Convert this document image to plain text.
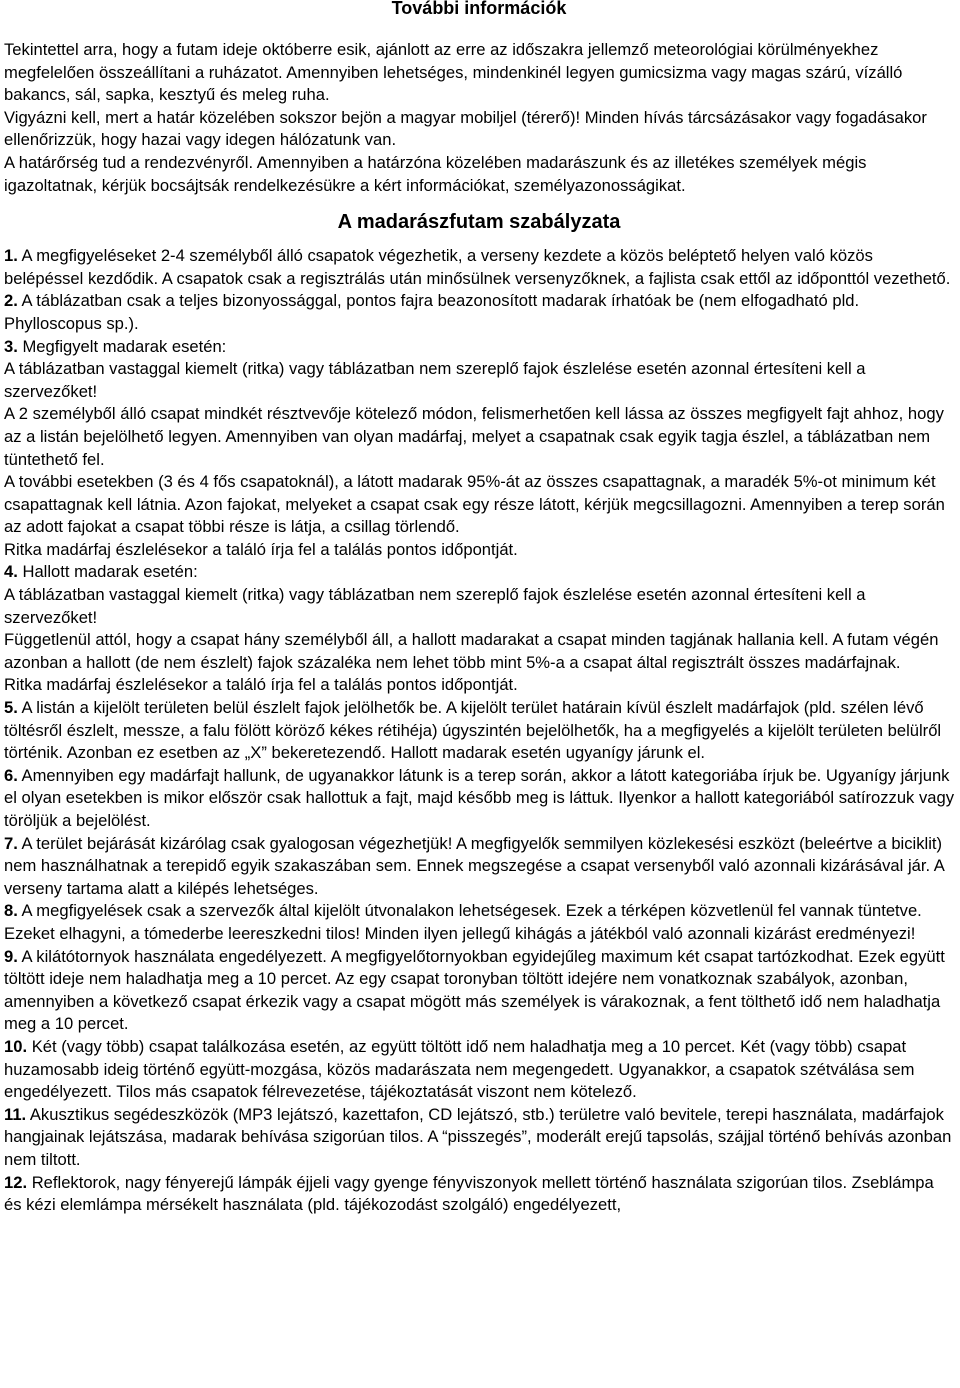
További információk

Tekintettel arra, hogy a futam ideje októberre esik, ajánlott az erre az időszakra jellemző meteorológiai körülményekhez megfelelően összeállítani a ruházatot. Amennyiben lehetséges, mindenkinél legyen gumicsizma vagy magas szárú, vízálló bakancs, sál, sapka, kesztyű és meleg ruha.

Vigyázni kell, mert a határ közelében sokszor bejön a magyar mobiljel (térerő)! Minden hívás tárcsázásakor vagy fogadásakor ellenőrizzük, hogy hazai vagy idegen hálózatunk van.

A határőrség tud a rendezvényről. Amennyiben a határzóna közelében madarászunk és az illetékes személyek mégis igazoltatnak, kérjük bocsájtsák rendelkezésükre a kért információkat, személyazonosságikat.

A madarászfutam szabályzata

1. A megfigyeléseket 2-4 személyből álló csapatok végezhetik, a verseny kezdete a közös beléptető helyen való közös belépéssel kezdődik. A csapatok csak a regisztrálás után minősülnek versenyzőknek, a fajlista csak ettől az időponttól vezethető.

2. A táblázatban csak a teljes bizonyossággal, pontos fajra beazonosított madarak írhatóak be (nem elfogadható pld. Phylloscopus sp.).

3. Megfigyelt madarak esetén:

A táblázatban vastaggal kiemelt (ritka) vagy táblázatban nem szereplő fajok észlelése esetén azonnal értesíteni kell a szervezőket!

A 2 személyből álló csapat mindkét résztvevője kötelező módon, felismerhetően kell lássa az összes megfigyelt fajt ahhoz, hogy az a listán bejelölhető legyen. Amennyiben van olyan madárfaj, melyet a csapatnak csak egyik tagja észlel, a táblázatban nem tüntethető fel.

A további esetekben (3 és 4 fős csapatoknál), a látott madarak 95%-át az összes csapattagnak, a maradék 5%-ot minimum két csapattagnak kell látnia. Azon fajokat, melyeket a csapat csak egy része látott, kérjük megcsillagozni. Amennyiben a terep során az adott fajokat a csapat többi része is látja, a csillag törlendő.

Ritka madárfaj észlelésekor a találó írja fel a találás pontos időpontját.

4. Hallott madarak esetén:

A táblázatban vastaggal kiemelt (ritka) vagy táblázatban nem szereplő fajok észlelése esetén azonnal értesíteni kell a szervezőket!

Függetlenül attól, hogy a csapat hány személyből áll, a hallott madarakat a csapat minden tagjának hallania kell. A futam végén azonban a hallott (de nem észlelt) fajok százaléka nem lehet több mint 5%-a a csapat által regisztrált összes madárfajnak.

Ritka madárfaj észlelésekor a találó írja fel a találás pontos időpontját.

5. A listán a kijelölt területen belül észlelt fajok jelölhetők be. A kijelölt terület határain kívül észlelt madárfajok (pld. szélen lévő töltésről észlelt, messze, a falu fölött köröző kékes rétihéja) úgyszintén bejelölhetők, ha a megfigyelés a kijelölt területen belülről történik. Azonban ez esetben az „X” bekeretezendő. Hallott madarak esetén ugyanígy járunk el.

6. Amennyiben egy madárfajt hallunk, de ugyanakkor látunk is a terep során, akkor a látott kategoriába írjuk be. Ugyanígy járjunk el olyan esetekben is mikor először csak hallottuk a fajt, majd később meg is láttuk. Ilyenkor a hallott kategoriából satírozzuk vagy töröljük a bejelölést.

7. A terület bejárását kizárólag csak gyalogosan végezhetjük! A megfigyelők semmilyen közlekesési eszközt (beleértve a biciklit) nem használhatnak a terepidő egyik szakaszában sem. Ennek megszegése a csapat versenyből való azonnali kizárásával jár. A verseny tartama alatt a kilépés lehetséges.

8. A megfigyelések csak a szervezők által kijelölt útvonalakon lehetségesek. Ezek a térképen közvetlenül fel vannak tüntetve. Ezeket elhagyni, a tómederbe leereszkedni tilos! Minden ilyen jellegű kihágás a játékból való azonnali kizárást eredményezi!

9. A kilátótornyok használata engedélyezett. A megfigyelőtornyokban egyidejűleg maximum két csapat tartózkodhat. Ezek együtt töltött ideje nem haladhatja meg a 10 percet. Az egy csapat toronyban töltött idejére nem vonatkoznak szabályok, azonban, amennyiben a következő csapat érkezik vagy a csapat mögött más személyek is várakoznak, a fent tölthető idő nem haladhatja meg a 10 percet.

10. Két (vagy több) csapat találkozása esetén, az együtt töltött idő nem haladhatja meg a 10 percet. Két (vagy több) csapat huzamosabb ideig történő együtt-mozgása, közös madarászata nem megengedett. Ugyanakkor, a csapatok szétválása sem engedélyezett. Tilos más csapatok félrevezetése, tájékoztatását viszont nem kötelező.

11. Akusztikus segédeszközök (MP3 lejátszó, kazettafon, CD lejátszó, stb.) területre való bevitele, terepi használata, madárfajok hangjainak lejátszása, madarak behívása szigorúan tilos. A “pisszegés”, moderált erejű tapsolás, szájjal történő behívás azonban nem tiltott.

12. Reflektorok, nagy fényerejű lámpák éjjeli vagy gyenge fényviszonyok mellett történő használata szigorúan tilos. Zseblámpa és kézi elemlámpa mérsékelt használata (pld. tájékozodást szolgáló) engedélyezett,
